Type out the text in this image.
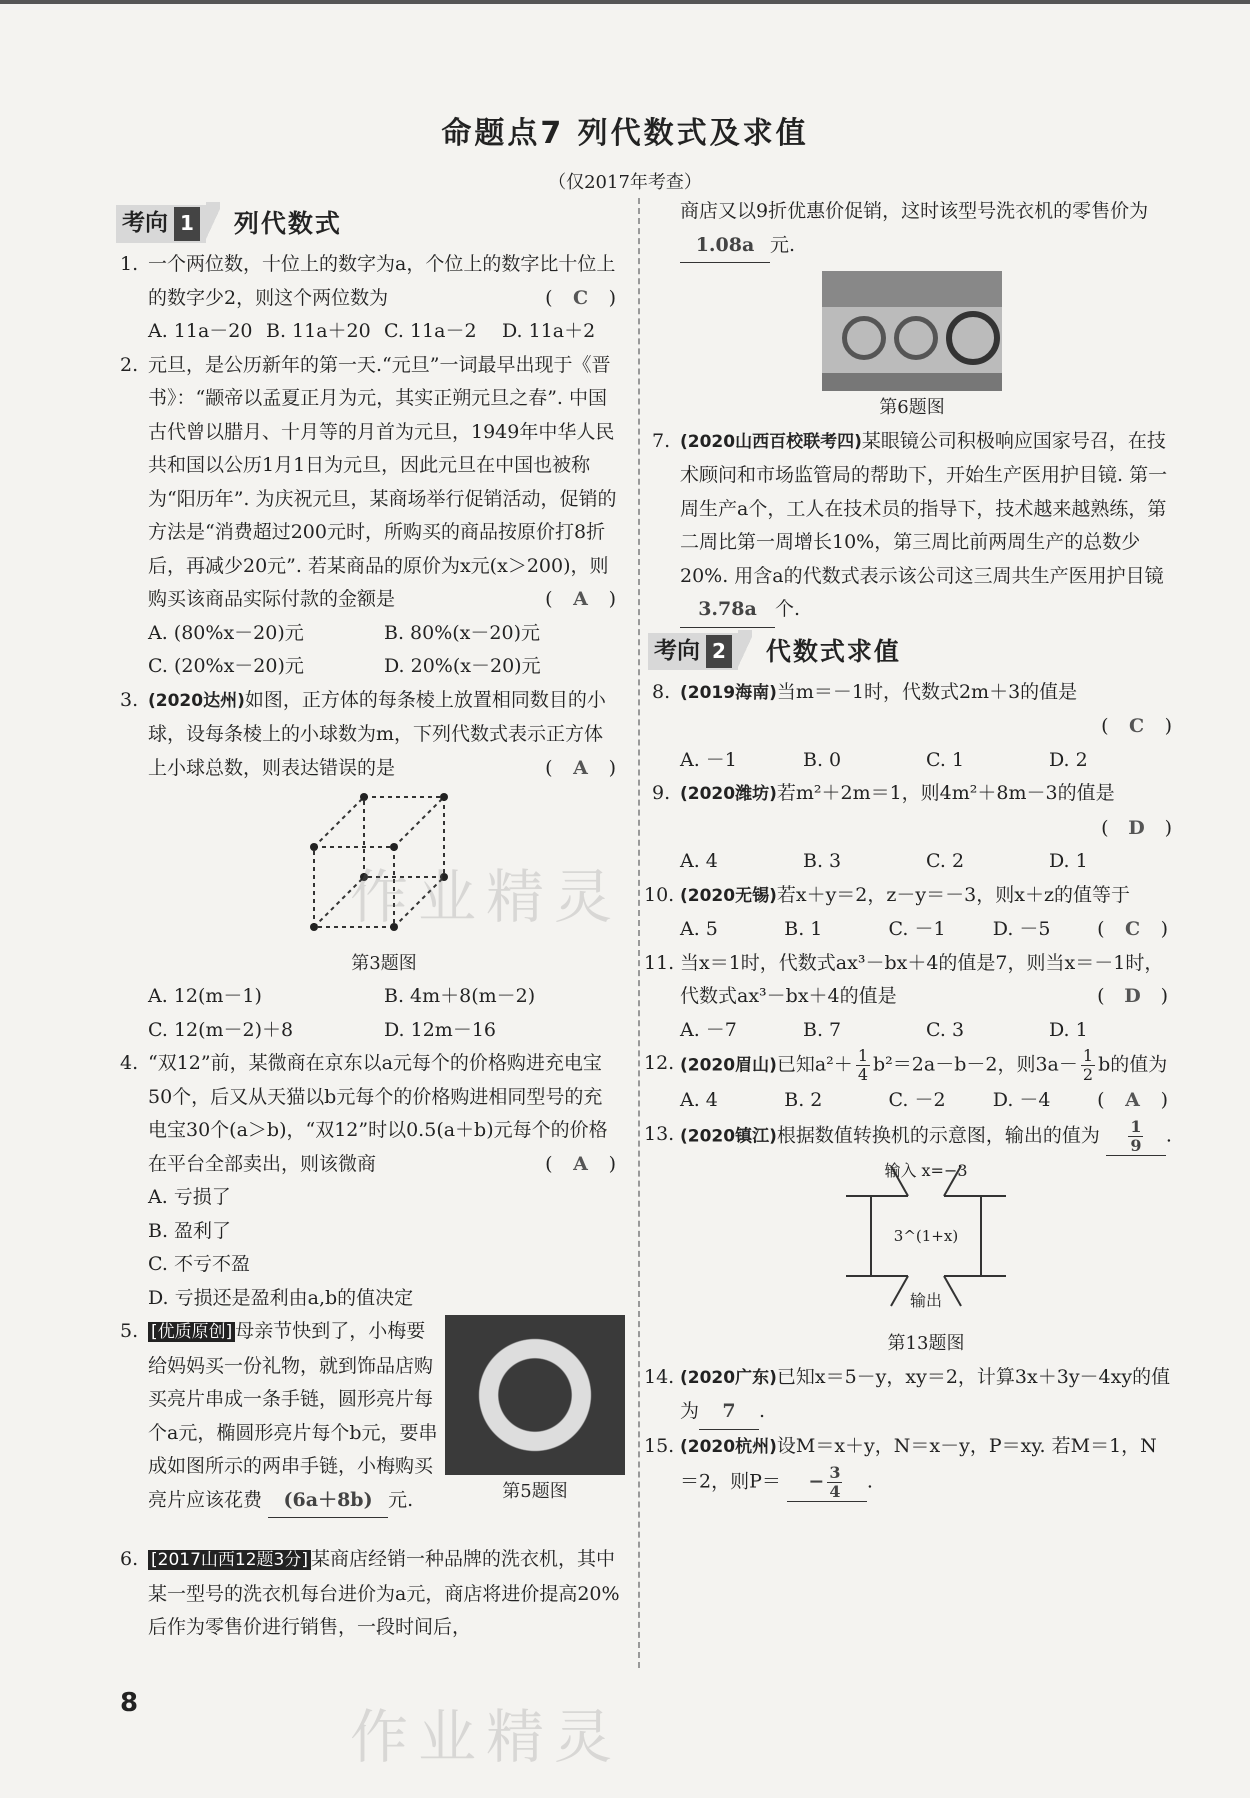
命题点7 列代数式及求值
（仅2017年考查）
考向 1 列代数式
1. 一个两位数，十位上的数字为a，个位上的数字比十位上的数字少2，则这个两位数为	( C )
A. 11a－20 B. 11a＋20 C. 11a－2	D. 11a＋2
2. 元旦，是公历新年的第一天.“元旦”一词最早出现于《晋书》：“颛帝以孟夏正月为元，其实正朔元旦之春”. 中国古代曾以腊月、十月等的月首为元旦，1949年中华人民共和国以公历1月1日为元旦，因此元旦在中国也被称为“阳历年”. 为庆祝元旦，某商场举行促销活动，促销的方法是“消费超过200元时，所购买的商品按原价打8折后，再减少20元”. 若某商品的原价为x元(x＞200)，则购买该商品实际付款的金额是	( A )
A. (80%x－20)元	B. 80%(x－20)元
C. (20%x－20)元	D. 20%(x－20)元
3. (2020达州)如图，正方体的每条棱上放置相同数目的小球，设每条棱上的小球数为m，下列代数式表示正方体上小球总数，则表达错误的是	( A )
第3题图
A. 12(m－1)	B. 4m＋8(m－2)
C. 12(m－2)＋8	D. 12m－16
4. “双12”前，某微商在京东以a元每个的价格购进充电宝50个，后又从天猫以b元每个的价格购进相同型号的充电宝30个(a＞b)，“双12”时以0.5(a＋b)元每个的价格在平台全部卖出，则该微商	( A )
A. 亏损了
B. 盈利了
C. 不亏不盈
D. 亏损还是盈利由a,b的值决定
5. [优质原创] 母亲节快到了，小梅要给妈妈买一份礼物，就到饰品店购买亮片串成一条手链，圆形亮片每个a元，椭圆形亮片每个b元，要串成如图所示的两串手链，小梅购买亮片应该花费 (6a＋8b) 元.	第5题图
6. [2017山西12题3分] 某商店经销一种品牌的洗衣机，其中某一型号的洗衣机每台进价为a元，商店将进价提高20%后作为零售价进行销售，一段时间后，
商店又以9折优惠价促销，这时该型号洗衣机的零售价为1.08a 元.
第6题图
7. (2020山西百校联考四)某眼镜公司积极响应国家号召，在技术顾问和市场监管局的帮助下，开始生产医用护目镜. 第一周生产a个，工人在技术员的指导下，技术越来越熟练，第二周比第一周增长10%，第三周比前两周生产的总数少20%. 用含a的代数式表示该公司这三周共生产医用护目镜3.78a 个.
考向 2 代数式求值
8. (2019海南)当m＝－1时，代数式2m＋3的值是
( C )
A. －1	B. 0	C. 1	D. 2
9. (2020潍坊)若m²＋2m＝1，则4m²＋8m－3的值是
( D )
A. 4	B. 3	C. 2	D. 1
10. (2020无锡)若x＋y＝2，z－y＝－3，则x＋z的值等于
( C )
A. 5	B. 1	C. －1	D. －5
11. 当x＝1时，代数式ax³－bx＋4的值是7，则当x＝－1时，代数式ax³－bx＋4的值是	( D )
A. －7	B. 7	C. 3	D. 1
12. (2020眉山)已知$a^2+ \frac{1}{4} b^2=2a-b-2$，则$3a- \frac{1}{2}$ b的值为
( A )
A. 4	B. 2	C. －2	D. －4
13. (2020镇江)根据数值转换机的示意图，输出的值为 $\frac{1}{9}$ .
输入 x=−3
3^(1+x)
输出
第13题图
14. (2020广东)已知x＝5－y，xy＝2，计算3x＋3y－4xy的值为 7 .
15. (2020杭州)设M＝x＋y，N＝x－y，P＝xy. 若M＝1，N＝2，则$P= - \frac{3}{4}$ .
8
作业精灵
作业精灵
